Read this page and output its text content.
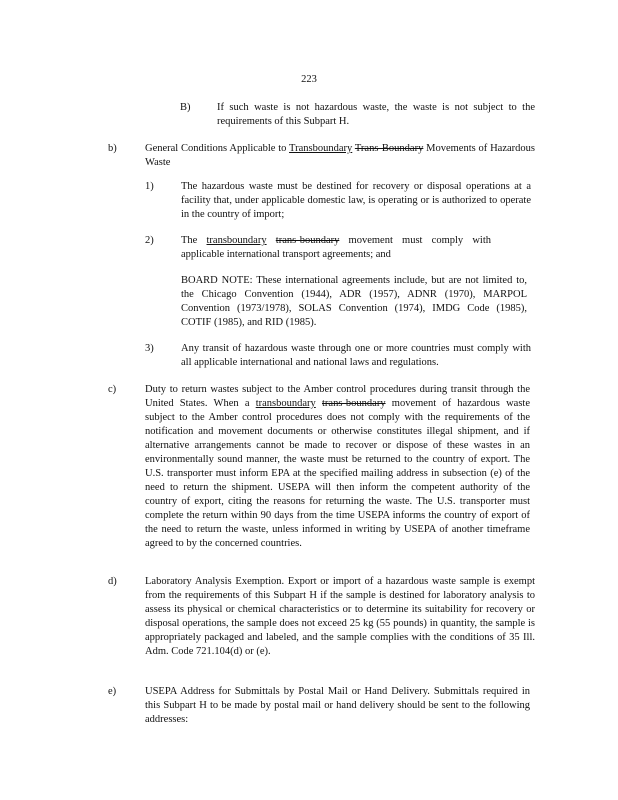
223
B)	If such waste is not hazardous waste, the waste is not subject to the requirements of this Subpart H.
b)	General Conditions Applicable to Transboundary Trans-Boundary Movements of Hazardous Waste
1)	The hazardous waste must be destined for recovery or disposal operations at a facility that, under applicable domestic law, is operating or is authorized to operate in the country of import;
2)	The transboundary trans-boundary movement must comply with applicable international transport agreements; and
BOARD NOTE: These international agreements include, but are not limited to, the Chicago Convention (1944), ADR (1957), ADNR (1970), MARPOL Convention (1973/1978), SOLAS Convention (1974), IMDG Code (1985), COTIF (1985), and RID (1985).
3)	Any transit of hazardous waste through one or more countries must comply with all applicable international and national laws and regulations.
c)	Duty to return wastes subject to the Amber control procedures during transit through the United States. When a transboundary trans-boundary movement of hazardous waste subject to the Amber control procedures does not comply with the requirements of the notification and movement documents or otherwise constitutes illegal shipment, and if alternative arrangements cannot be made to recover or dispose of these wastes in an environmentally sound manner, the waste must be returned to the country of export. The U.S. transporter must inform EPA at the specified mailing address in subsection (e) of the need to return the shipment. USEPA will then inform the competent authority of the country of export, citing the reasons for returning the waste. The U.S. transporter must complete the return within 90 days from the time USEPA informs the country of export of the need to return the waste, unless informed in writing by USEPA of another timeframe agreed to by the concerned countries.
d)	Laboratory Analysis Exemption. Export or import of a hazardous waste sample is exempt from the requirements of this Subpart H if the sample is destined for laboratory analysis to assess its physical or chemical characteristics or to determine its suitability for recovery or disposal operations, the sample does not exceed 25 kg (55 pounds) in quantity, the sample is appropriately packaged and labeled, and the sample complies with the conditions of 35 Ill. Adm. Code 721.104(d) or (e).
e)	USEPA Address for Submittals by Postal Mail or Hand Delivery. Submittals required in this Subpart H to be made by postal mail or hand delivery should be sent to the following addresses:
